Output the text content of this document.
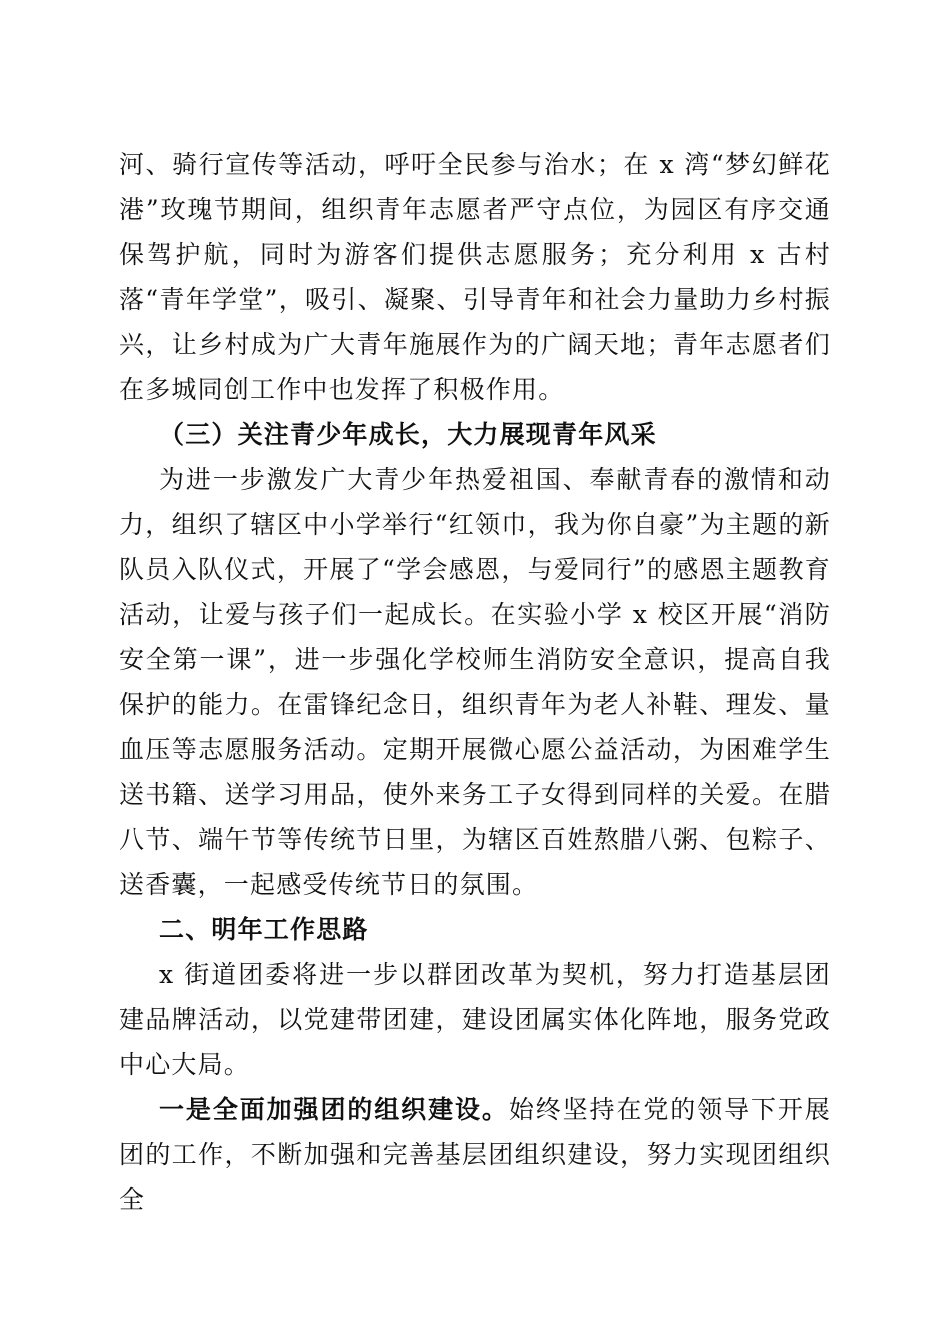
河、骑行宣传等活动，呼吁全民参与治水；在 x 湾“梦幻鲜花港”玫瑰节期间，组织青年志愿者严守点位，为园区有序交通保驾护航，同时为游客们提供志愿服务；充分利用 x 古村落“青年学堂”，吸引、凝聚、引导青年和社会力量助力乡村振兴，让乡村成为广大青年施展作为的广阔天地；青年志愿者们在多城同创工作中也发挥了积极作用。

（三）关注青少年成长，大力展现青年风采

为进一步激发广大青少年热爱祖国、奉献青春的激情和动力，组织了辖区中小学举行“红领巾，我为你自豪”为主题的新队员入队仪式，开展了“学会感恩，与爱同行”的感恩主题教育活动，让爱与孩子们一起成长。在实验小学 x 校区开展“消防安全第一课”，进一步强化学校师生消防安全意识，提高自我保护的能力。在雷锋纪念日，组织青年为老人补鞋、理发、量血压等志愿服务活动。定期开展微心愿公益活动，为困难学生送书籍、送学习用品，使外来务工子女得到同样的关爱。在腊八节、端午节等传统节日里，为辖区百姓熬腊八粥、包粽子、送香囊，一起感受传统节日的氛围。

二、明年工作思路

x 街道团委将进一步以群团改革为契机，努力打造基层团建品牌活动，以党建带团建，建设团属实体化阵地，服务党政中心大局。

一是全面加强团的组织建设。始终坚持在党的领导下开展团的工作，不断加强和完善基层团组织建设，努力实现团组织全
